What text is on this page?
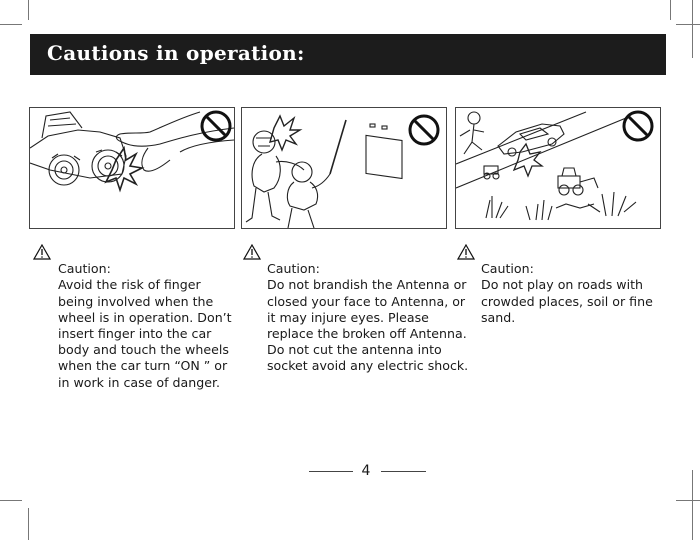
Cautions in operation:

Caution:
Avoid the risk of finger being involved when the wheel is in operation. Don’t insert finger into the car body and touch the wheels when the car turn “ON ” or in work in case of danger.

Caution:
Do not brandish the Antenna or closed your face to Antenna, or it may injure eyes. Please replace the broken off Antenna. Do not cut the antenna into socket avoid any electric shock.

Caution:
Do not play on roads with crowded places, soil or fine sand.

4
